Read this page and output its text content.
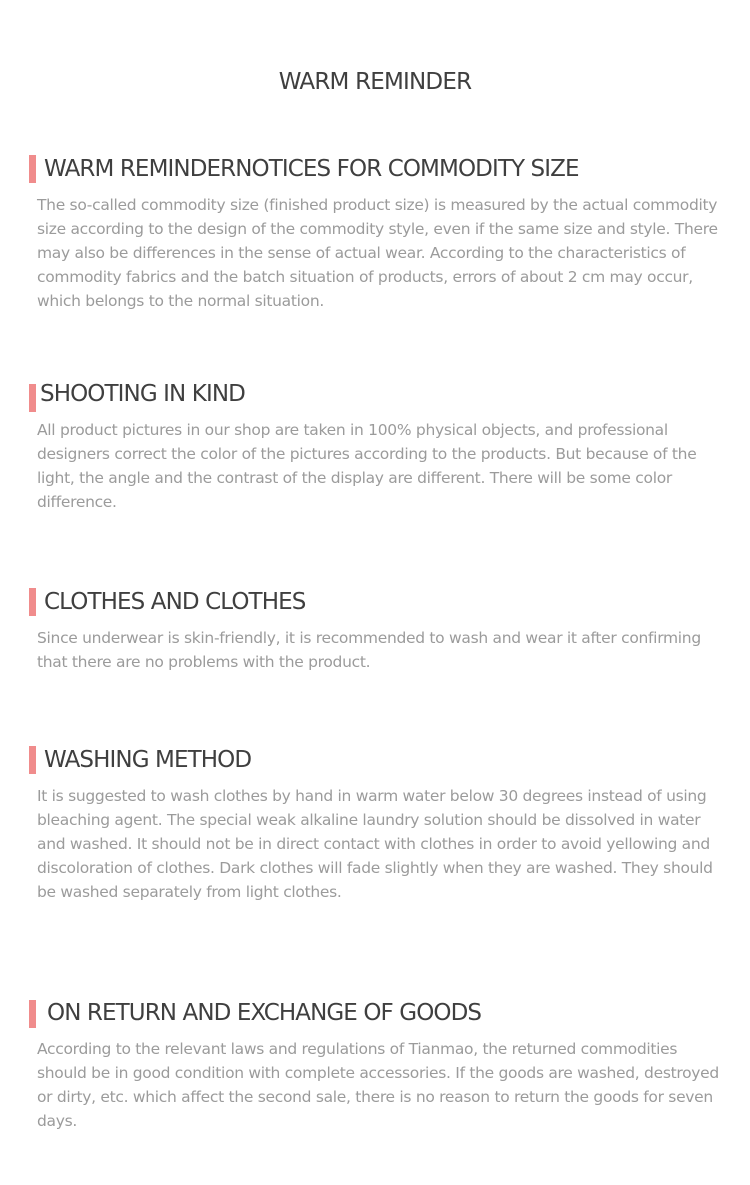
WARM REMINDER
WARM REMINDERNOTICES FOR COMMODITY SIZE

The so-called commodity size (finished product size) is measured by the actual commodity size according to the design of the commodity style, even if the same size and style. There may also be differences in the sense of actual wear. According to the characteristics of commodity fabrics and the batch situation of products, errors of about 2 cm may occur, which belongs to the normal situation.

SHOOTING IN KIND

All product pictures in our shop are taken in 100% physical objects, and professional designers correct the color of the pictures according to the products. But because of the light, the angle and the contrast of the display are different. There will be some color difference.

CLOTHES AND CLOTHES

Since underwear is skin-friendly, it is recommended to wash and wear it after confirming that there are no problems with the product.

WASHING METHOD

It is suggested to wash clothes by hand in warm water below 30 degrees instead of using bleaching agent. The special weak alkaline laundry solution should be dissolved in water and washed. It should not be in direct contact with clothes in order to avoid yellowing and discoloration of clothes. Dark clothes will fade slightly when they are washed. They should be washed separately from light clothes.

ON RETURN AND EXCHANGE OF GOODS

According to the relevant laws and regulations of Tianmao, the returned commodities should be in good condition with complete accessories. If the goods are washed, destroyed or dirty, etc. which affect the second sale, there is no reason to return the goods for seven days.
